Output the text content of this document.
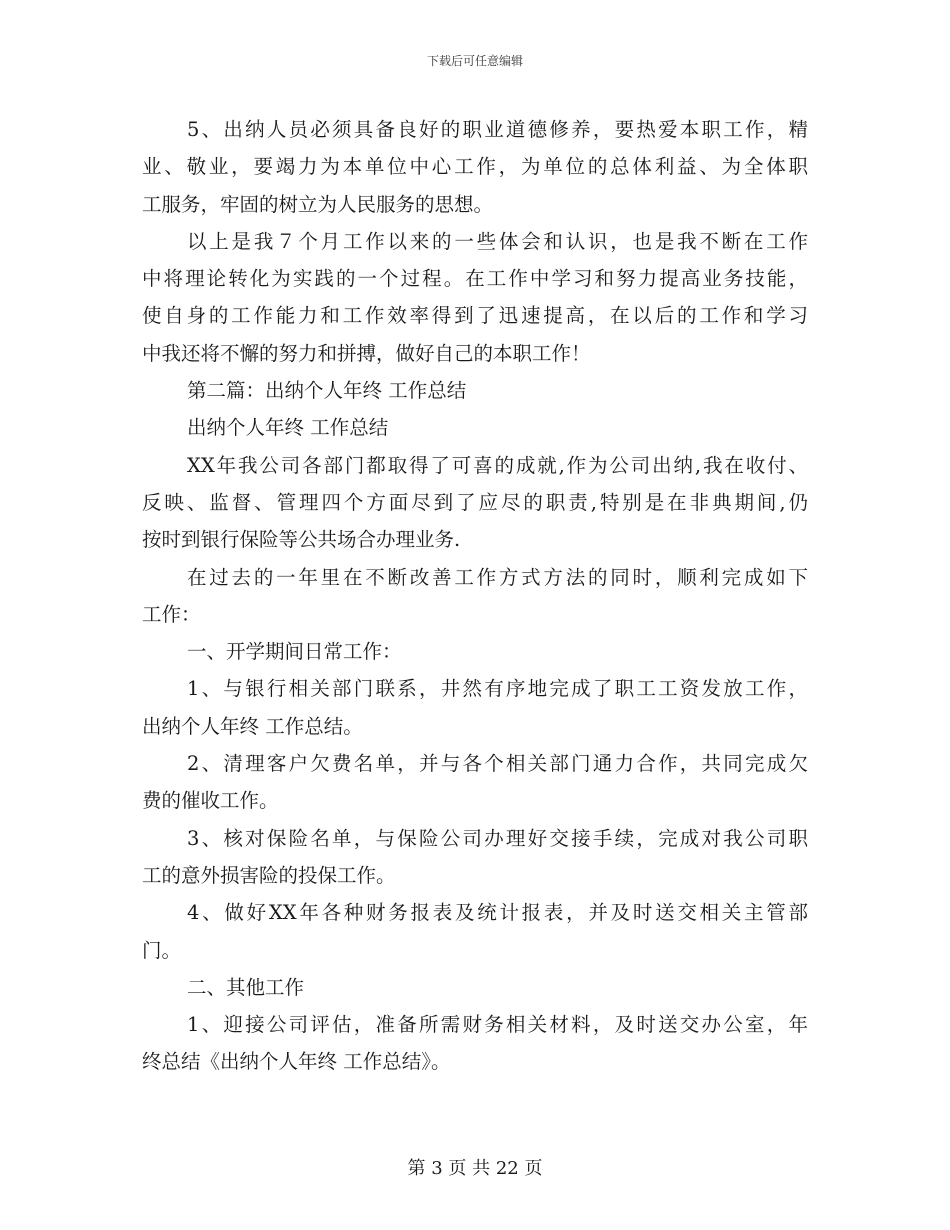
下载后可任意编辑
5、出纳人员必须具备良好的职业道德修养，要热爱本职工作，精
业、敬业，要竭力为本单位中心工作，为单位的总体利益、为全体职
工服务，牢固的树立为人民服务的思想。
以上是我７个月工作以来的一些体会和认识，也是我不断在工作
中将理论转化为实践的一个过程。在工作中学习和努力提高业务技能，
使自身的工作能力和工作效率得到了迅速提高，在以后的工作和学习
中我还将不懈的努力和拼搏，做好自己的本职工作！
第二篇：出纳个人年终 工作总结
出纳个人年终 工作总结
XX年我公司各部门都取得了可喜的成就,作为公司出纳,我在收付、
反映、监督、管理四个方面尽到了应尽的职责,特别是在非典期间,仍
按时到银行保险等公共场合办理业务.
在过去的一年里在不断改善工作方式方法的同时，顺利完成如下
工作：
一、开学期间日常工作：
1、与银行相关部门联系，井然有序地完成了职工工资发放工作，
出纳个人年终 工作总结。
2、清理客户欠费名单，并与各个相关部门通力合作，共同完成欠
费的催收工作。
3、核对保险名单，与保险公司办理好交接手续，完成对我公司职
工的意外损害险的投保工作。
4、做好XX年各种财务报表及统计报表，并及时送交相关主管部
门。
二、其他工作
1、迎接公司评估，准备所需财务相关材料，及时送交办公室，年
终总结《出纳个人年终 工作总结》。
第 3 页 共 22 页
